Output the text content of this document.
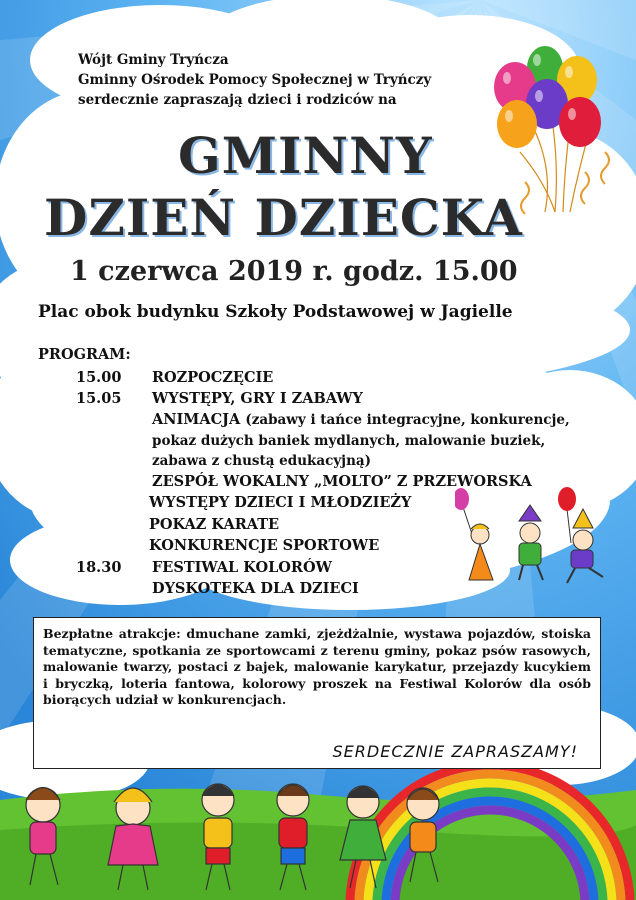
Wójt Gminy Tryńcza
Gminny Ośrodek Pomocy Społecznej w Tryńczy
serdecznie zapraszają dzieci i rodziców na
GMINNY
DZIEŃ DZIECKA
1 czerwca 2019 r. godz. 15.00
Plac obok budynku Szkoły Podstawowej w Jagielle
PROGRAM:
15.00 ROZPOCZĘCIE
15.05 WYSTĘPY, GRY I ZABAWY
ANIMACJA (zabawy i tańce integracyjne, konkurencje,
pokaz dużych baniek mydlanych, malowanie buziek,
zabawa z chustą edukacyjną)
ZESPÓŁ WOKALNY „MOLTO” Z PRZEWORSKA
WYSTĘPY DZIECI I MŁODZIEŻY
POKAZ KARATE
KONKURENCJE SPORTOWE
18.30 FESTIWAL KOLORÓW
DYSKOTEKA DLA DZIECI
Bezpłatne atrakcje: dmuchane zamki, zjeżdżalnie, wystawa pojazdów, stoiska tematyczne, spotkania ze sportowcami z terenu gminy, pokaz psów rasowych, malowanie twarzy, postaci z bajek, malowanie karykatur, przejazdy kucykiem i bryczką, loteria fantowa, kolorowy proszek na Festiwal Kolorów dla osób biorących udział w konkurencjach.
SERDECZNIE ZAPRASZAMY!
